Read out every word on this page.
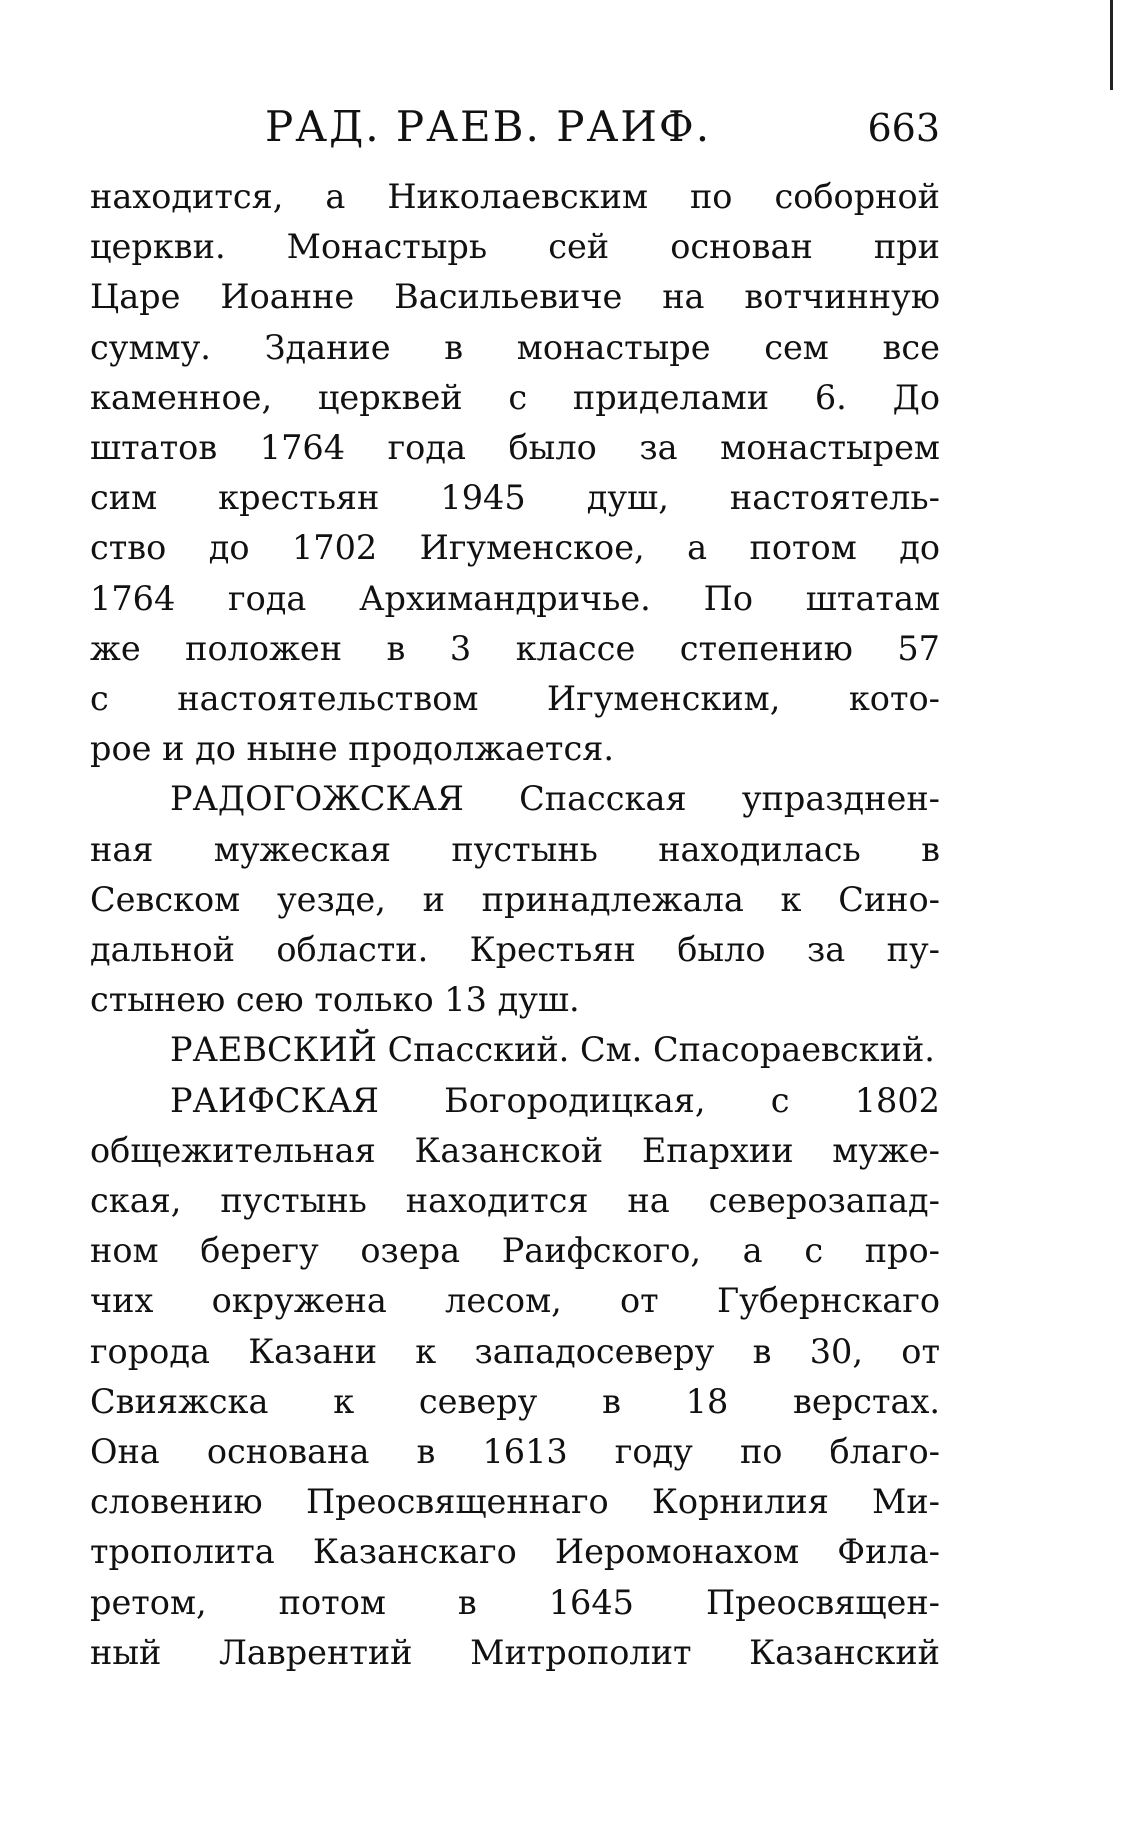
РАД. РАЕВ. РАИФ.	663

находится, а Николаевским по соборной
церкви. Монастырь сей основан при
Царе Иоанне Васильевиче на вотчинную
сумму. Здание в монастыре сем все
каменное, церквей с приделами 6. До
штатов 1764 года было за монастырем
сим крестьян 1945 душ, настоятель-
ство до 1702 Игуменское, а потом до
1764 года Архимандричье. По штатам
же положен в 3 классе степению 57
с настоятельством Игуменским, кото-
рое и до ныне продолжается.

РАДОГОЖСКАЯ Спасская упразднен-
ная мужеская пустынь находилась в
Севском уезде, и принадлежала к Сино-
дальной области. Крестьян было за пу-
стынею сею только 13 душ.

РАЕВСКИЙ Спасский. См. Спасораевский.

РАИФСКАЯ Богородицкая, с 1802
общежительная Казанской Епархии муже-
ская, пустынь находится на северозапад-
ном берегу озера Раифского, а с про-
чих окружена лесом, от Губернскаго
города Казани к западосеверу в 30, от
Свияжска к северу в 18 верстах.
Она основана в 1613 году по благо-
словению Преосвященнаго Корнилия Ми-
трополита Казанскаго Иеромонахом Фила-
ретом, потом в 1645 Преосвящен-
ный Лаврентий Митрополит Казанский
